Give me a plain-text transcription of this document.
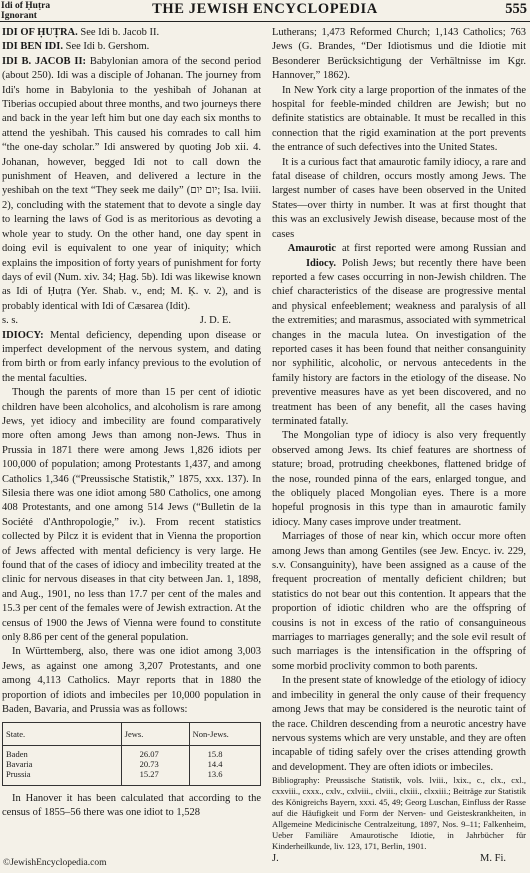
Idi of Ḥuṭra
Ignorant	THE JEWISH ENCYCLOPEDIA	555

IDI OF ḤUṬRA. See Idi b. Jacob II.

IDI BEN IDI. See Idi b. Gershom.

IDI B. JACOB II: Babylonian amora of the second period (about 250). Idi was a disciple of Johanan. The journey from Idi's home in Babylonia to the yeshibah of Johanan at Tiberias occupied about three months, and two journeys there and back in the year left him but one day each six months to attend the yeshibah. This caused his comrades to call him “the one-day scholar.” Idi answered by quoting Job xii. 4. Johanan, however, begged Idi not to call down the punishment of Heaven, and delivered a lecture in the yeshibah on the text “They seek me daily” (יום יום; Isa. lviii. 2), concluding with the statement that to devote a single day to learning the laws of God is as meritorious as devoting a whole year to study. On the other hand, one day spent in doing evil is equivalent to one year of iniquity; which explains the imposition of forty years of punishment for forty days of evil (Num. xiv. 34; Ḥag. 5b). Idi was likewise known as Idi of Ḥuṭra (Yer. Shab. v., end; M. Ḳ. v. 2), and is probably identical with Idi of Cæsarea (Idit).

s. s.	J. D. E.

IDIOCY: Mental deficiency, depending upon disease or imperfect development of the nervous system, and dating from birth or from early infancy previous to the evolution of the mental faculties.

Though the parents of more than 15 per cent of idiotic children have been alcoholics, and alcoholism is rare among Jews, yet idiocy and imbecility are found comparatively more often among Jews than among non-Jews. Thus in Prussia in 1871 there were among Jews 1,826 idiots per 100,000 of population; among Protestants 1,437, and among Catholics 1,346 (“Preussische Statistik,” 1875, xxx. 137). In Silesia there was one idiot among 580 Catholics, one among 408 Protestants, and one among 514 Jews (“Bulletin de la Société d'Anthropologie,” iv.). From recent statistics collected by Pilcz it is evident that in Vienna the proportion of Jews affected with mental deficiency is very large. He found that of the cases of idiocy and imbecility treated at the clinic for nervous diseases in that city between Jan. 1, 1898, and Aug., 1901, no less than 17.7 per cent of the males and 15.3 per cent of the females were of Jewish extraction. At the census of 1900 the Jews of Vienna were found to constitute only 8.86 per cent of the general population.

In Württemberg, also, there was one idiot among 3,003 Jews, as against one among 3,207 Protestants, and one among 4,113 Catholics. Mayr reports that in 1880 the proportion of idiots and imbeciles per 10,000 population in Baden, Bavaria, and Prussia was as follows:

State.	Jews.	Non-Jews.
Baden	26.07	15.8
Bavaria	20.73	14.4
Prussia	15.27	13.6

In Hanover it has been calculated that according to the census of 1855–56 there was one idiot to 1,528

Lutherans; 1,473 Reformed Church; 1,143 Catholics; 763 Jews (G. Brandes, “Der Idiotismus und die Idiotie mit Besonderer Berücksichtigung der Verhältnisse im Kgr. Hannover,” 1862).

In New York city a large proportion of the inmates of the hospital for feeble-minded children are Jewish; but no definite statistics are obtainable. It must be recalled in this connection that the rigid examination at the port prevents the entrance of such defectives into the United States.

It is a curious fact that amaurotic family idiocy, a rare and fatal disease of children, occurs mostly among Jews. The largest number of cases have been observed in the United States—over thirty in number. It was at first thought that this was an exclusively Jewish disease, because most of the cases

Amaurotic Idiocy.

at first reported were among Russian and Polish Jews; but recently there have been reported a few cases occurring in non-Jewish children. The chief characteristics of the disease are progressive mental and physical enfeeblement; weakness and paralysis of all the extremities; and marasmus, associated with symmetrical changes in the macula lutea. On investigation of the reported cases it has been found that neither consanguinity nor syphilitic, alcoholic, or nervous antecedents in the family history are factors in the etiology of the disease. No preventive measures have as yet been discovered, and no treatment has been of any benefit, all the cases having terminated fatally.

The Mongolian type of idiocy is also very frequently observed among Jews. Its chief features are shortness of stature; broad, protruding cheekbones, flattened bridge of the nose, rounded pinna of the ears, enlarged tongue, and the obliquely placed Mongolian eyes. There is a more hopeful prognosis in this type than in amaurotic family idiocy. Many cases improve under treatment.

Marriages of those of near kin, which occur more often among Jews than among Gentiles (see Jew. Encyc. iv. 229, s.v. Consanguinity), have been assigned as a cause of the frequent procreation of mentally deficient children; but statistics do not bear out this contention. It appears that the proportion of idiotic children who are the offspring of cousins is not in excess of the ratio of consanguineous marriages to marriages generally; and the sole evil result of such marriages is the intensification in the offspring of some morbid proclivity common to both parents.

In the present state of knowledge of the etiology of idiocy and imbecility in general the only cause of their frequency among Jews that may be considered is the neurotic taint of the race. Children descending from a neurotic ancestry have nervous systems which are very unstable, and they are often incapable of tiding safely over the crises attending growth and development. They are often idiots or imbeciles.

Bibliography: Preussische Statistik, vols. lviii., lxix., c., clx., cxl., cxxviii., cxxx., cxlv., cxlviii., clviii., clxiii., clxxiii.; Beiträge zur Statistik des Königreichs Bayern, xxxi. 45, 49; Georg Luschan, Einfluss der Rasse auf die Häufigkeit und Form der Nerven- und Geisteskrankheiten, in Allgemeine Medicinische Centralzeitung, 1897, Nos. 9–11; Falkenheim, Ueber Familiäre Amaurotische Idiotie, in Jahrbücher für Kinderheilkunde, liv. 123, 171, Berlin, 1901.

J.	M. Fi.
©JewishEncyclopedia.com
